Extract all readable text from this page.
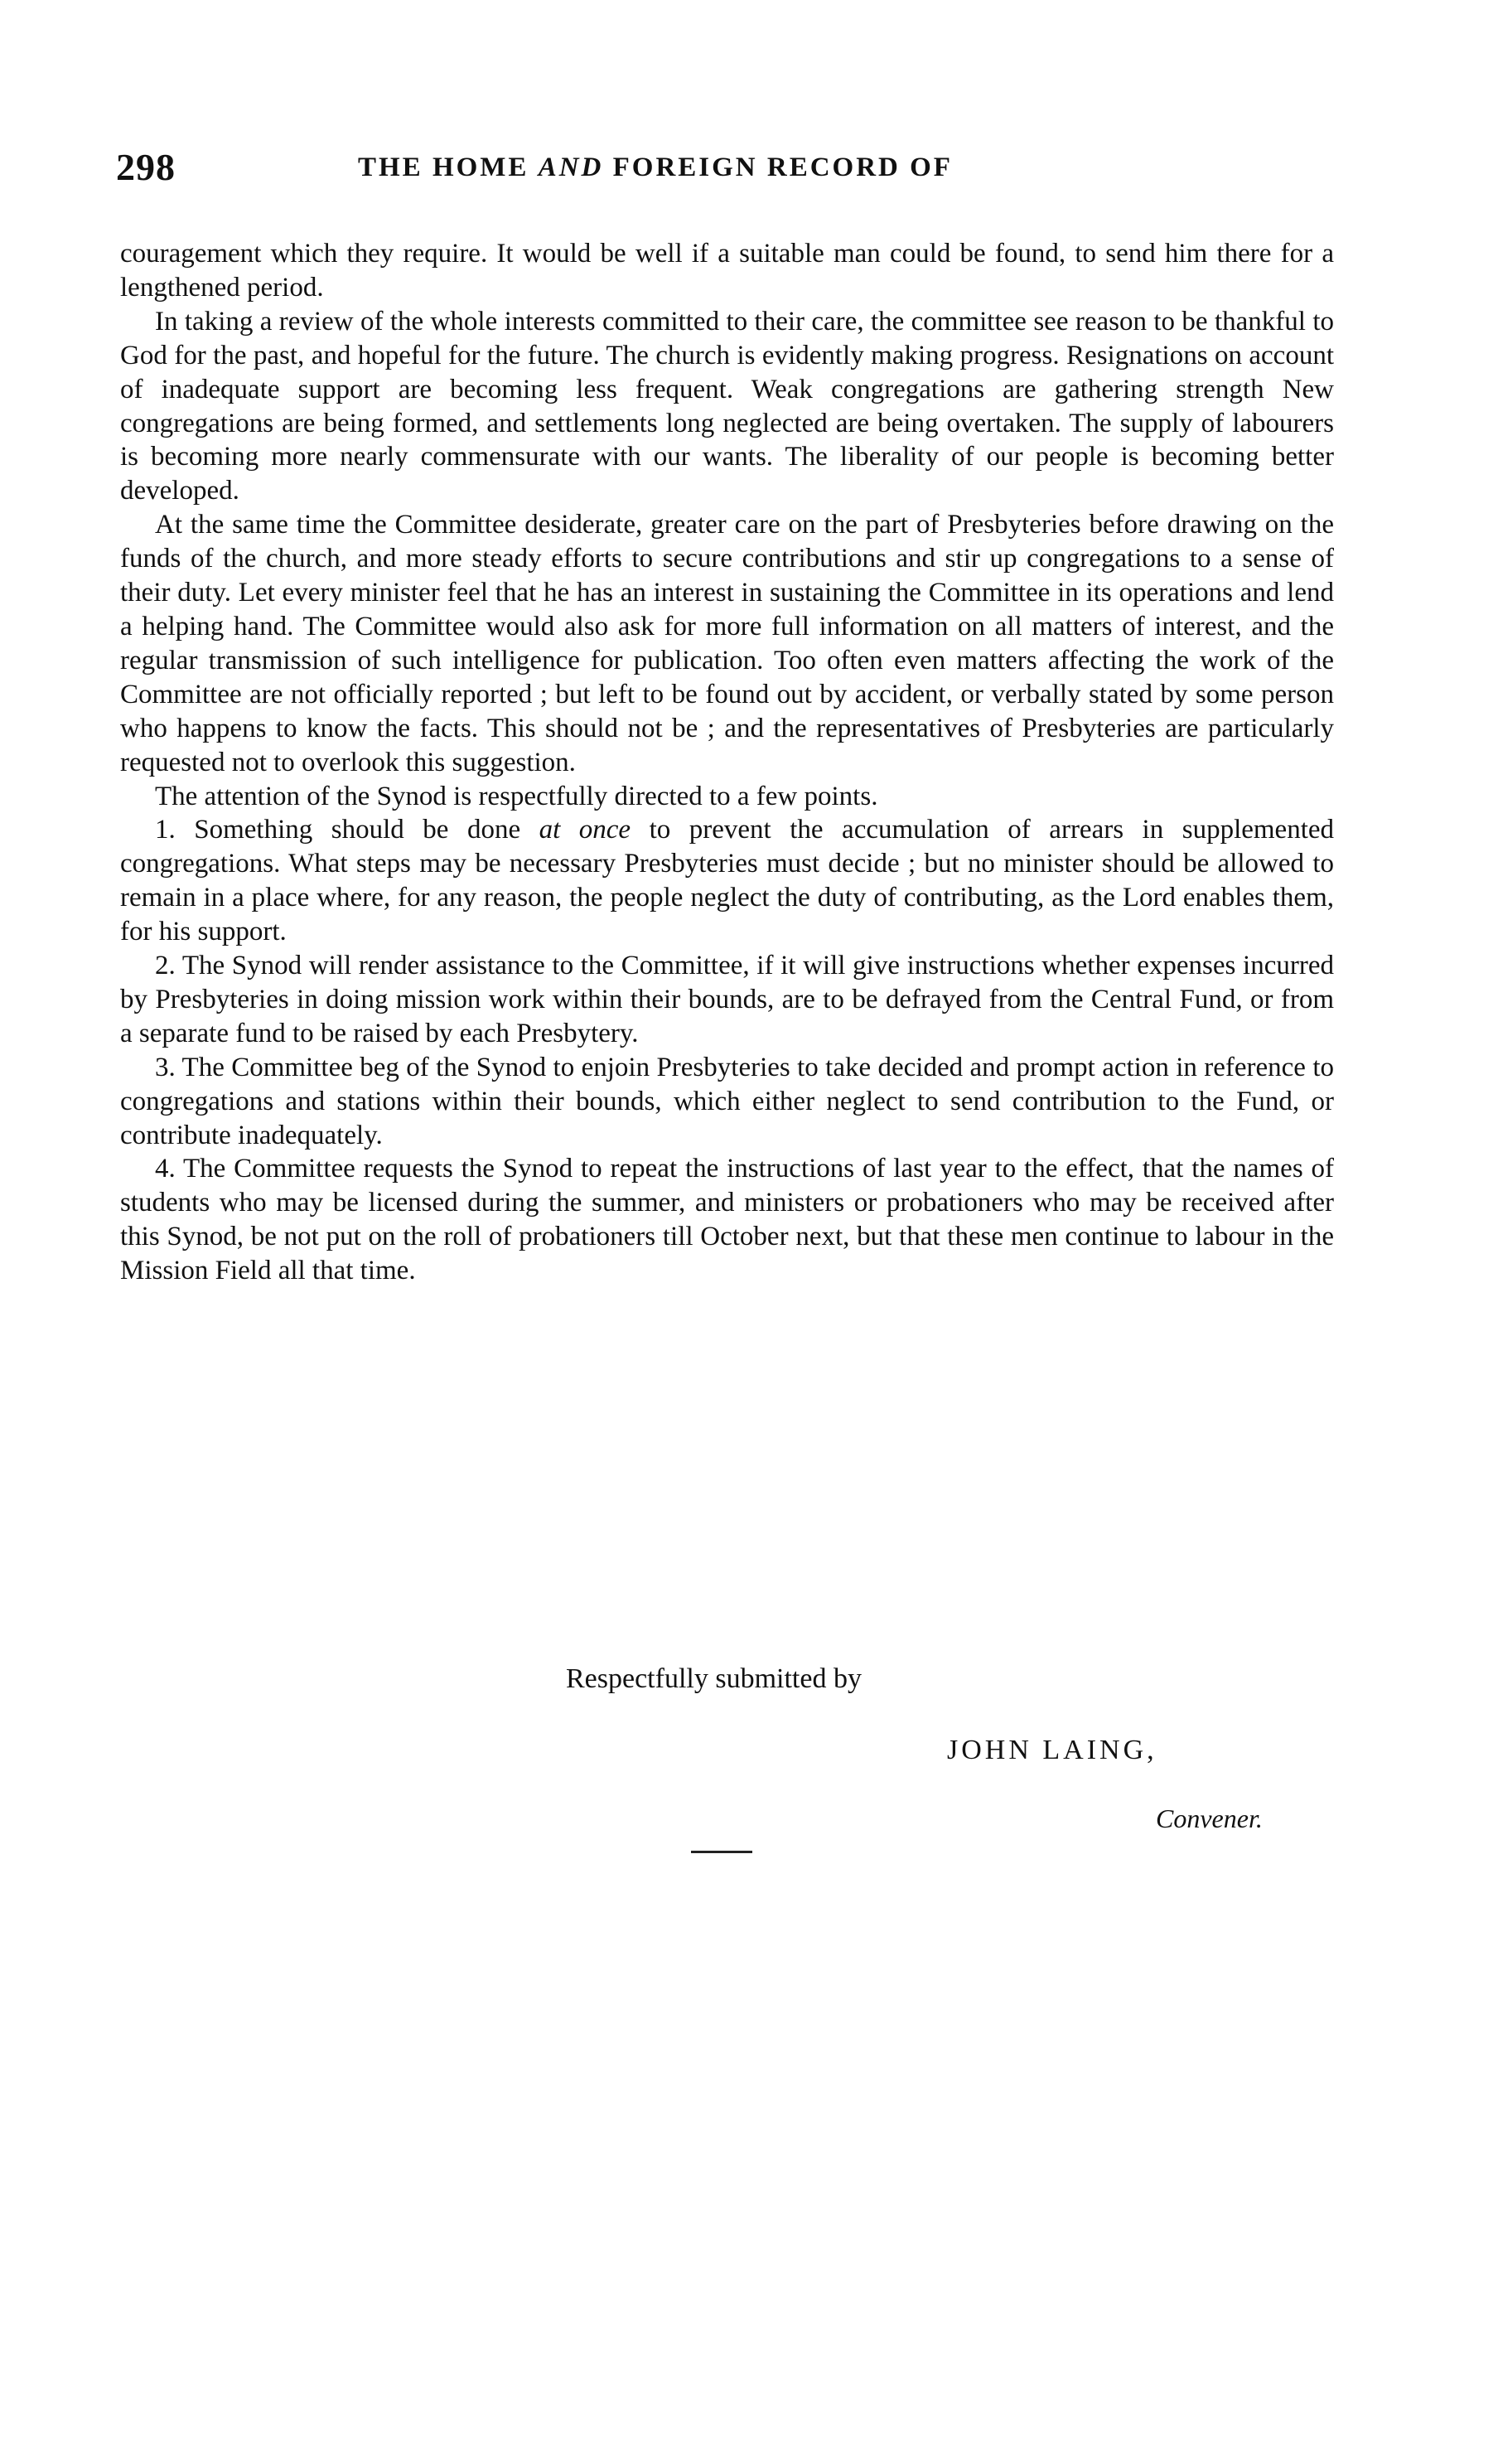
298	THE HOME AND FOREIGN RECORD OF

couragement which they require. It would be well if a suitable man could be found, to send him there for a lengthened period.

In taking a review of the whole interests committed to their care, the committee see reason to be thankful to God for the past, and hopeful for the future. The church is evidently making progress. Resignations on account of inadequate support are becoming less frequent. Weak congregations are gathering strength New congregations are being formed, and settlements long neglected are being overtaken. The supply of labourers is becoming more nearly commensurate with our wants. The liberality of our people is becoming better developed.

At the same time the Committee desiderate, greater care on the part of Presbyteries before drawing on the funds of the church, and more steady efforts to secure contributions and stir up congregations to a sense of their duty. Let every minister feel that he has an interest in sustaining the Committee in its operations and lend a helping hand. The Committee would also ask for more full information on all matters of interest, and the regular transmission of such intelligence for publication. Too often even matters affecting the work of the Committee are not officially reported ; but left to be found out by accident, or verbally stated by some person who happens to know the facts. This should not be ; and the representatives of Presbyteries are particularly requested not to overlook this suggestion.

The attention of the Synod is respectfully directed to a few points.

1. Something should be done at once to prevent the accumulation of arrears in supplemented congregations. What steps may be necessary Presbyteries must decide ; but no minister should be allowed to remain in a place where, for any reason, the people neglect the duty of contributing, as the Lord enables them, for his support.

2. The Synod will render assistance to the Committee, if it will give instructions whether expenses incurred by Presbyteries in doing mission work within their bounds, are to be defrayed from the Central Fund, or from a separate fund to be raised by each Presbytery.

3. The Committee beg of the Synod to enjoin Presbyteries to take decided and prompt action in reference to congregations and stations within their bounds, which either neglect to send contribution to the Fund, or contribute inadequately.

4. The Committee requests the Synod to repeat the instructions of last year to the effect, that the names of students who may be licensed during the summer, and ministers or probationers who may be received after this Synod, be not put on the roll of probationers till October next, but that these men continue to labour in the Mission Field all that time.

Respectfully submitted by
JOHN LAING,
Convener.
